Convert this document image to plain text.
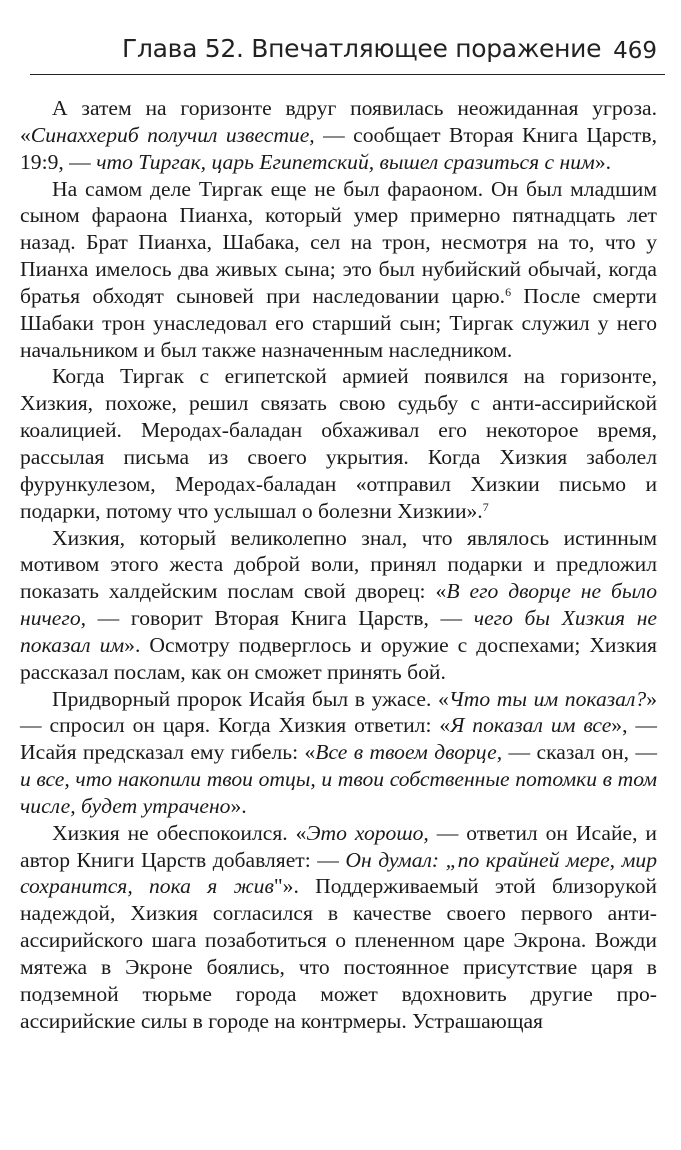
Глава 52. Впечатляющее поражение 469

А затем на горизонте вдруг появилась неожиданная угроза. «Синаххериб получил известие, — сообщает Вторая Книга Царств, 19:9, — что Тиргак, царь Египетский, вышел сразиться с ним».

На самом деле Тиргак еще не был фараоном. Он был младшим сыном фараона Пианха, который умер примерно пятнадцать лет назад. Брат Пианха, Шабака, сел на трон, несмотря на то, что у Пианха имелось два живых сына; это был нубийский обычай, когда братья обходят сыновей при наследовании царю.$^6$ После смерти Шабаки трон унаследовал его старший сын; Тиргак служил у него начальником и был также назначенным наследником.

Когда Тиргак с египетской армией появился на горизонте, Хизкия, похоже, решил связать свою судьбу с анти-ассирийской коалицией. Меродах-баладан обхаживал его некоторое время, рассылая письма из своего укрытия. Когда Хизкия заболел фурункулезом, Меродах-баладан «отправил Хизкии письмо и подарки, потому что услышал о болезни Хизкии».$^7$

Хизкия, который великолепно знал, что являлось истинным мотивом этого жеста доброй воли, принял подарки и предложил показать халдейским послам свой дворец: «В его дворце не было ничего, — говорит Вторая Книга Царств, — чего бы Хизкия не показал им». Осмотру подверглось и оружие с доспехами; Хизкия рассказал послам, как он сможет принять бой.

Придворный пророк Исайя был в ужасе. «Что ты им показал?» — спросил он царя. Когда Хизкия ответил: «Я показал им все», — Исайя предсказал ему гибель: «Все в твоем дворце, — сказал он, — и все, что накопили твои отцы, и твои собственные потомки в том числе, будет утрачено».

Хизкия не обеспокоился. «Это хорошо, — ответил он Исайе, и автор Книги Царств добавляет: — Он думал: „по крайней мере, мир сохранится, пока я жив"». Поддерживаемый этой близорукой надеждой, Хизкия согласился в качестве своего первого анти-ассирийского шага позаботиться о плененном царе Экрона. Вожди мятежа в Экроне боялись, что постоянное присутствие царя в подземной тюрьме города может вдохновить другие про-ассирийские силы в городе на контрмеры. Устрашающая
